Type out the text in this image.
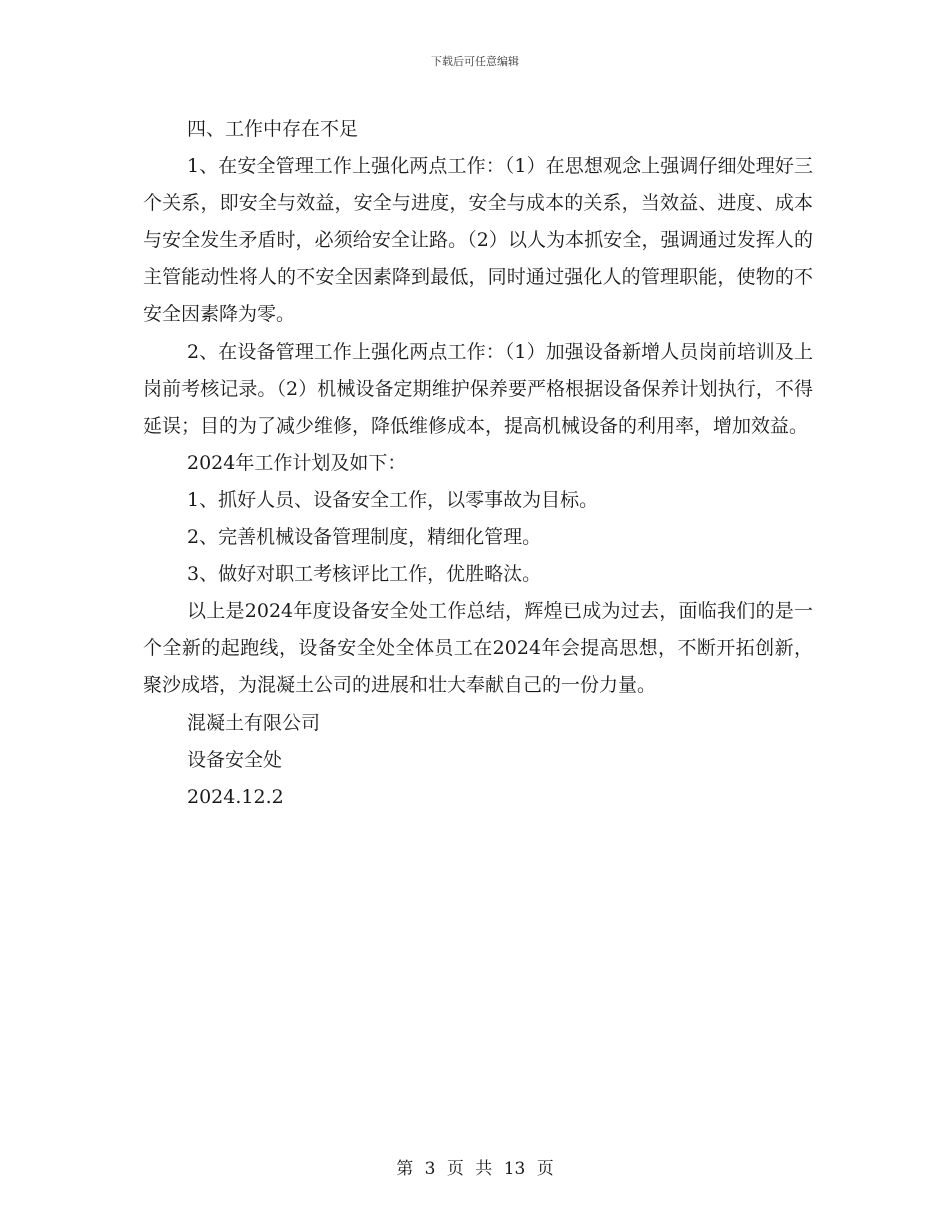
下载后可任意编辑

四、工作中存在不足

1、在安全管理工作上强化两点工作：（1）在思想观念上强调仔细处理好三个关系，即安全与效益，安全与进度，安全与成本的关系，当效益、进度、成本与安全发生矛盾时，必须给安全让路。（2）以人为本抓安全，强调通过发挥人的主管能动性将人的不安全因素降到最低，同时通过强化人的管理职能，使物的不安全因素降为零。

2、在设备管理工作上强化两点工作：（1）加强设备新增人员岗前培训及上岗前考核记录。（2）机械设备定期维护保养要严格根据设备保养计划执行，不得延误；目的为了减少维修，降低维修成本，提高机械设备的利用率，增加效益。

2024年工作计划及如下：

1、抓好人员、设备安全工作，以零事故为目标。

2、完善机械设备管理制度，精细化管理。

3、做好对职工考核评比工作，优胜略汰。

以上是2024年度设备安全处工作总结，辉煌已成为过去，面临我们的是一个全新的起跑线，设备安全处全体员工在2024年会提高思想，不断开拓创新，聚沙成塔，为混凝土公司的进展和壮大奉献自己的一份力量。

混凝土有限公司

设备安全处

2024.12.2

第 3 页 共 13 页
